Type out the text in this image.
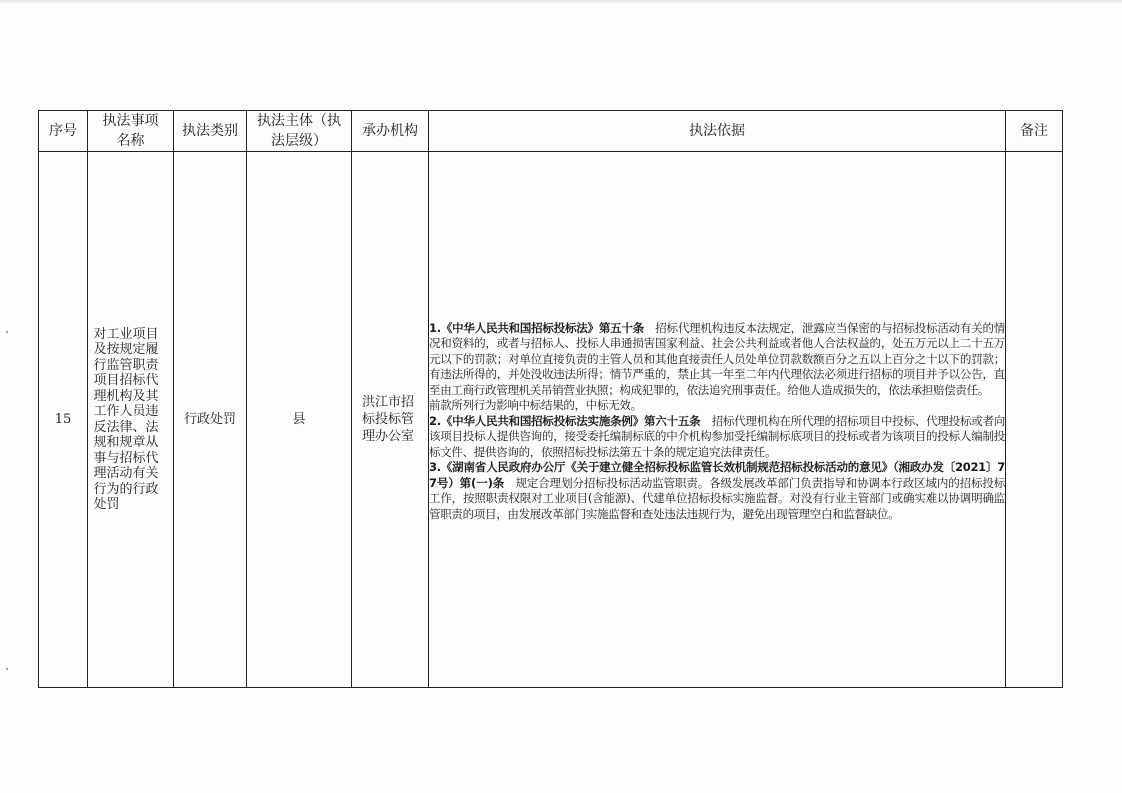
序号	执法事项名称	执法类别	执法主体（执法层级）	承办机构	执法依据	备注
15	对工业项目及按规定履行监管职责项目招标代理机构及其工作人员违反法律、法规和规章从事与招标代理活动有关行为的行政处罚	行政处罚	县	洪江市招标投标管理办公室	1.《中华人民共和国招标投标法》第五十条　招标代理机构违反本法规定，泄露应当保密的与招标投标活动有关的情况和资料的，或者与招标人、投标人串通损害国家利益、社会公共利益或者他人合法权益的，处五万元以上二十五万元以下的罚款；对单位直接负责的主管人员和其他直接责任人员处单位罚款数额百分之五以上百分之十以下的罚款；有违法所得的，并处没收违法所得；情节严重的，禁止其一年至二年内代理依法必须进行招标的项目并予以公告，直至由工商行政管理机关吊销营业执照；构成犯罪的，依法追究刑事责任。给他人造成损失的，依法承担赔偿责任。

前款所列行为影响中标结果的，中标无效。

2.《中华人民共和国招标投标法实施条例》第六十五条　招标代理机构在所代理的招标项目中投标、代理投标或者向该项目投标人提供咨询的，接受委托编制标底的中介机构参加受托编制标底项目的投标或者为该项目的投标人编制投标文件、提供咨询的，依照招标投标法第五十条的规定追究法律责任。

3.《湖南省人民政府办公厅《关于建立健全招标投标监管长效机制规范招标投标活动的意见》（湘政办发〔2021〕77号）第(一)条　规定合理划分招标投标活动监管职责。各级发展改革部门负责指导和协调本行政区域内的招标投标工作，按照职责权限对工业项目(含能源)、代建单位招标投标实施监督。对没有行业主管部门或确实难以协调明确监管职责的项目，由发展改革部门实施监督和查处违法违规行为，避免出现管理空白和监督缺位。	
